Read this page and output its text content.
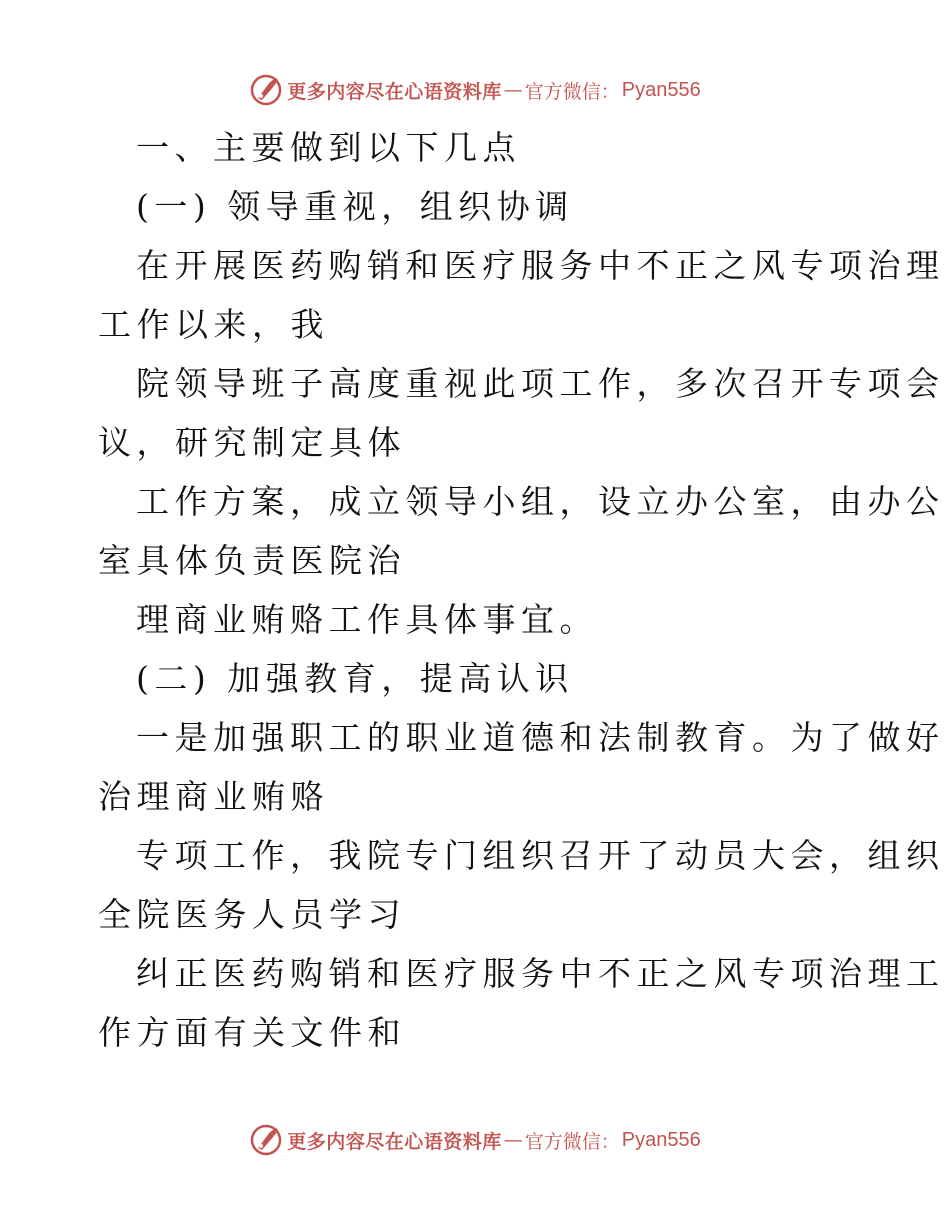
更多内容尽在心语资料库 — 官方微信： Pyan556
一、主要做到以下几点
(一) 领导重视，组织协调
在开展医药购销和医疗服务中不正之风专项治理
工作以来，我
院领导班子高度重视此项工作，多次召开专项会
议，研究制定具体
工作方案，成立领导小组，设立办公室，由办公
室具体负责医院治
理商业贿赂工作具体事宜。
(二) 加强教育，提高认识
一是加强职工的职业道德和法制教育。为了做好
治理商业贿赂
专项工作，我院专门组织召开了动员大会，组织
全院医务人员学习
纠正医药购销和医疗服务中不正之风专项治理工
作方面有关文件和
更多内容尽在心语资料库 — 官方微信： Pyan556
